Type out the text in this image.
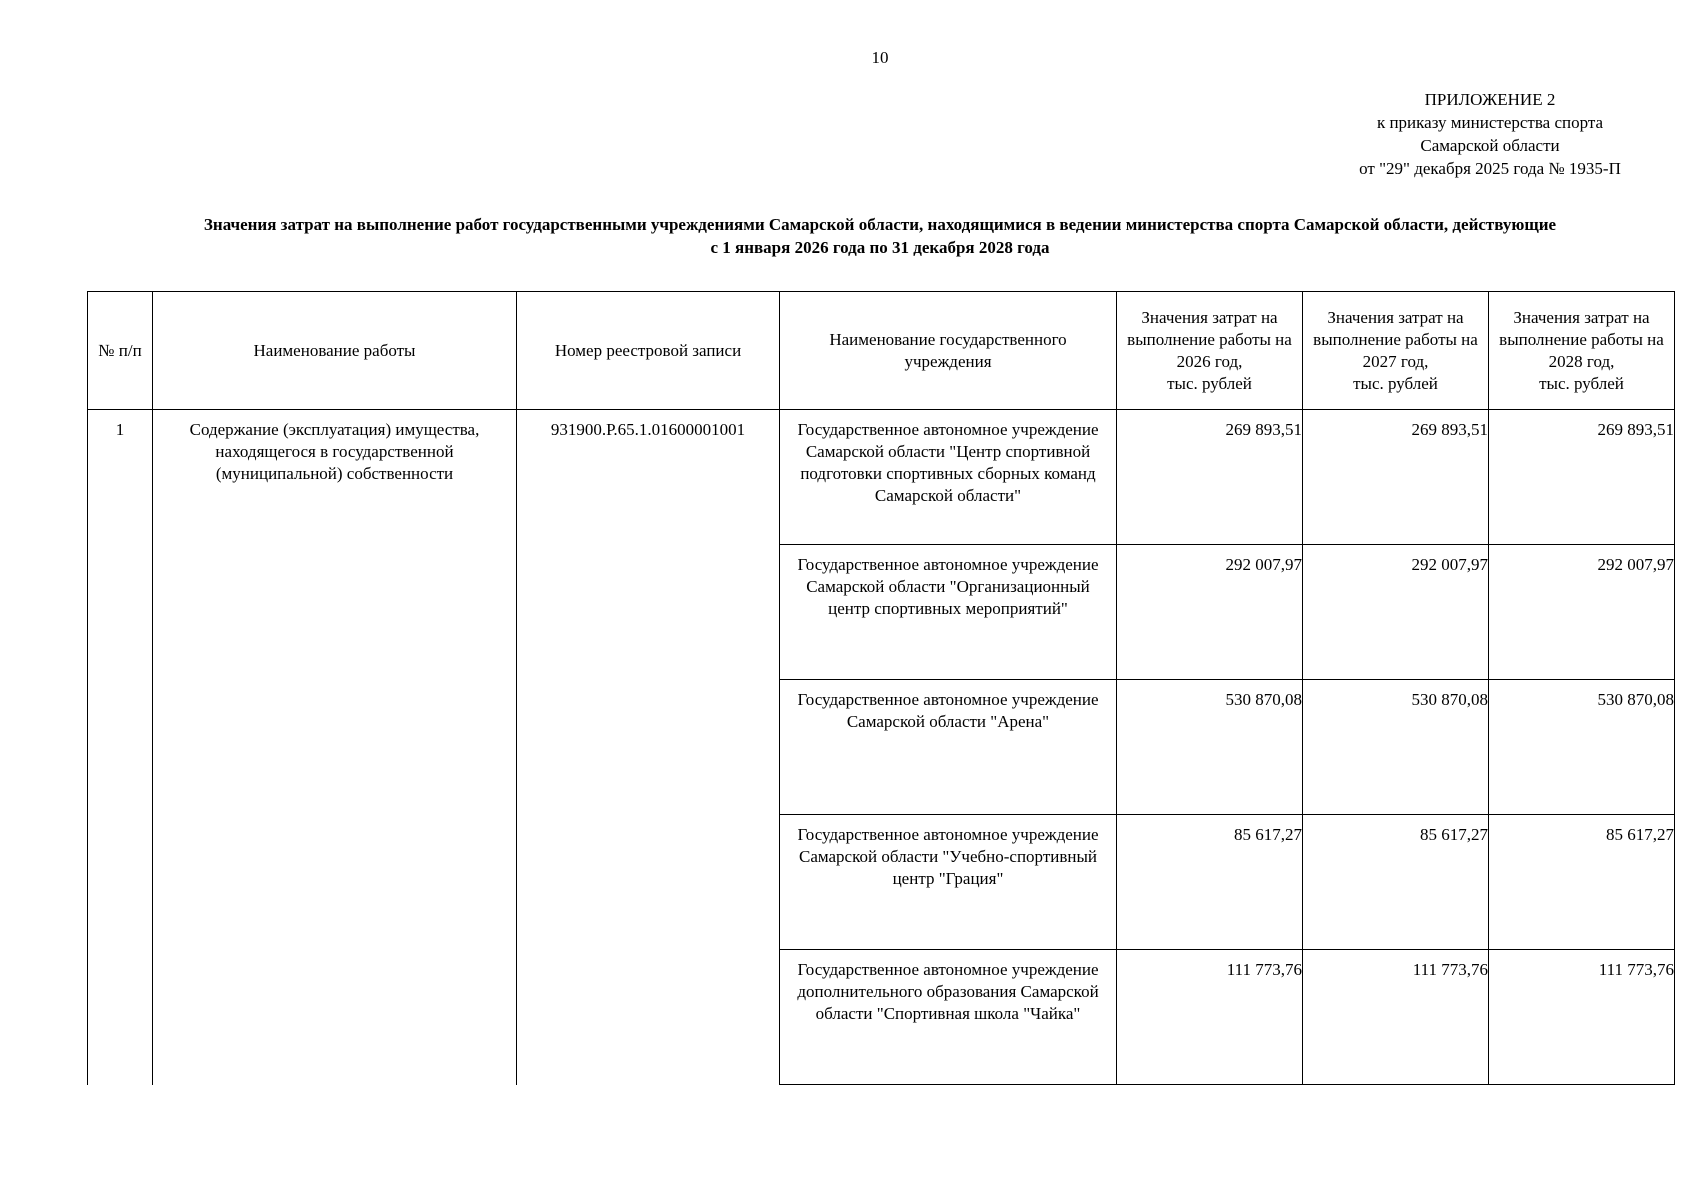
10
ПРИЛОЖЕНИЕ 2
к приказу министерства спорта
Самарской области
от "29" декабря 2025 года № 1935-П
Значения затрат на выполнение работ государственными учреждениями Самарской области, находящимися в ведении министерства спорта Самарской области, действующие
с 1 января 2026 года по 31 декабря 2028 года
№ п/п	Наименование работы	Номер реестровой записи	Наименование государственного
учреждения	Значения затрат на
выполнение работы на
2026 год,
тыс. рублей	Значения затрат на
выполнение работы на
2027 год,
тыс. рублей	Значения затрат на
выполнение работы на
2028 год,
тыс. рублей

1	Содержание (эксплуатация) имущества,
находящегося в государственной
(муниципальной) собственности	931900.Р.65.1.01600001001	Государственное автономное учреждение
Самарской области "Центр спортивной
подготовки спортивных сборных команд
Самарской области"	269 893,51	269 893,51	269 893,51

			Государственное автономное учреждение
Самарской области "Организационный
центр спортивных мероприятий"	292 007,97	292 007,97	292 007,97

			Государственное автономное учреждение
Самарской области "Арена"	530 870,08	530 870,08	530 870,08

			Государственное автономное учреждение
Самарской области "Учебно-спортивный
центр "Грация"	85 617,27	85 617,27	85 617,27

			Государственное автономное учреждение
дополнительного образования Самарской
области "Спортивная школа "Чайка"	111 773,76	111 773,76	111 773,76
